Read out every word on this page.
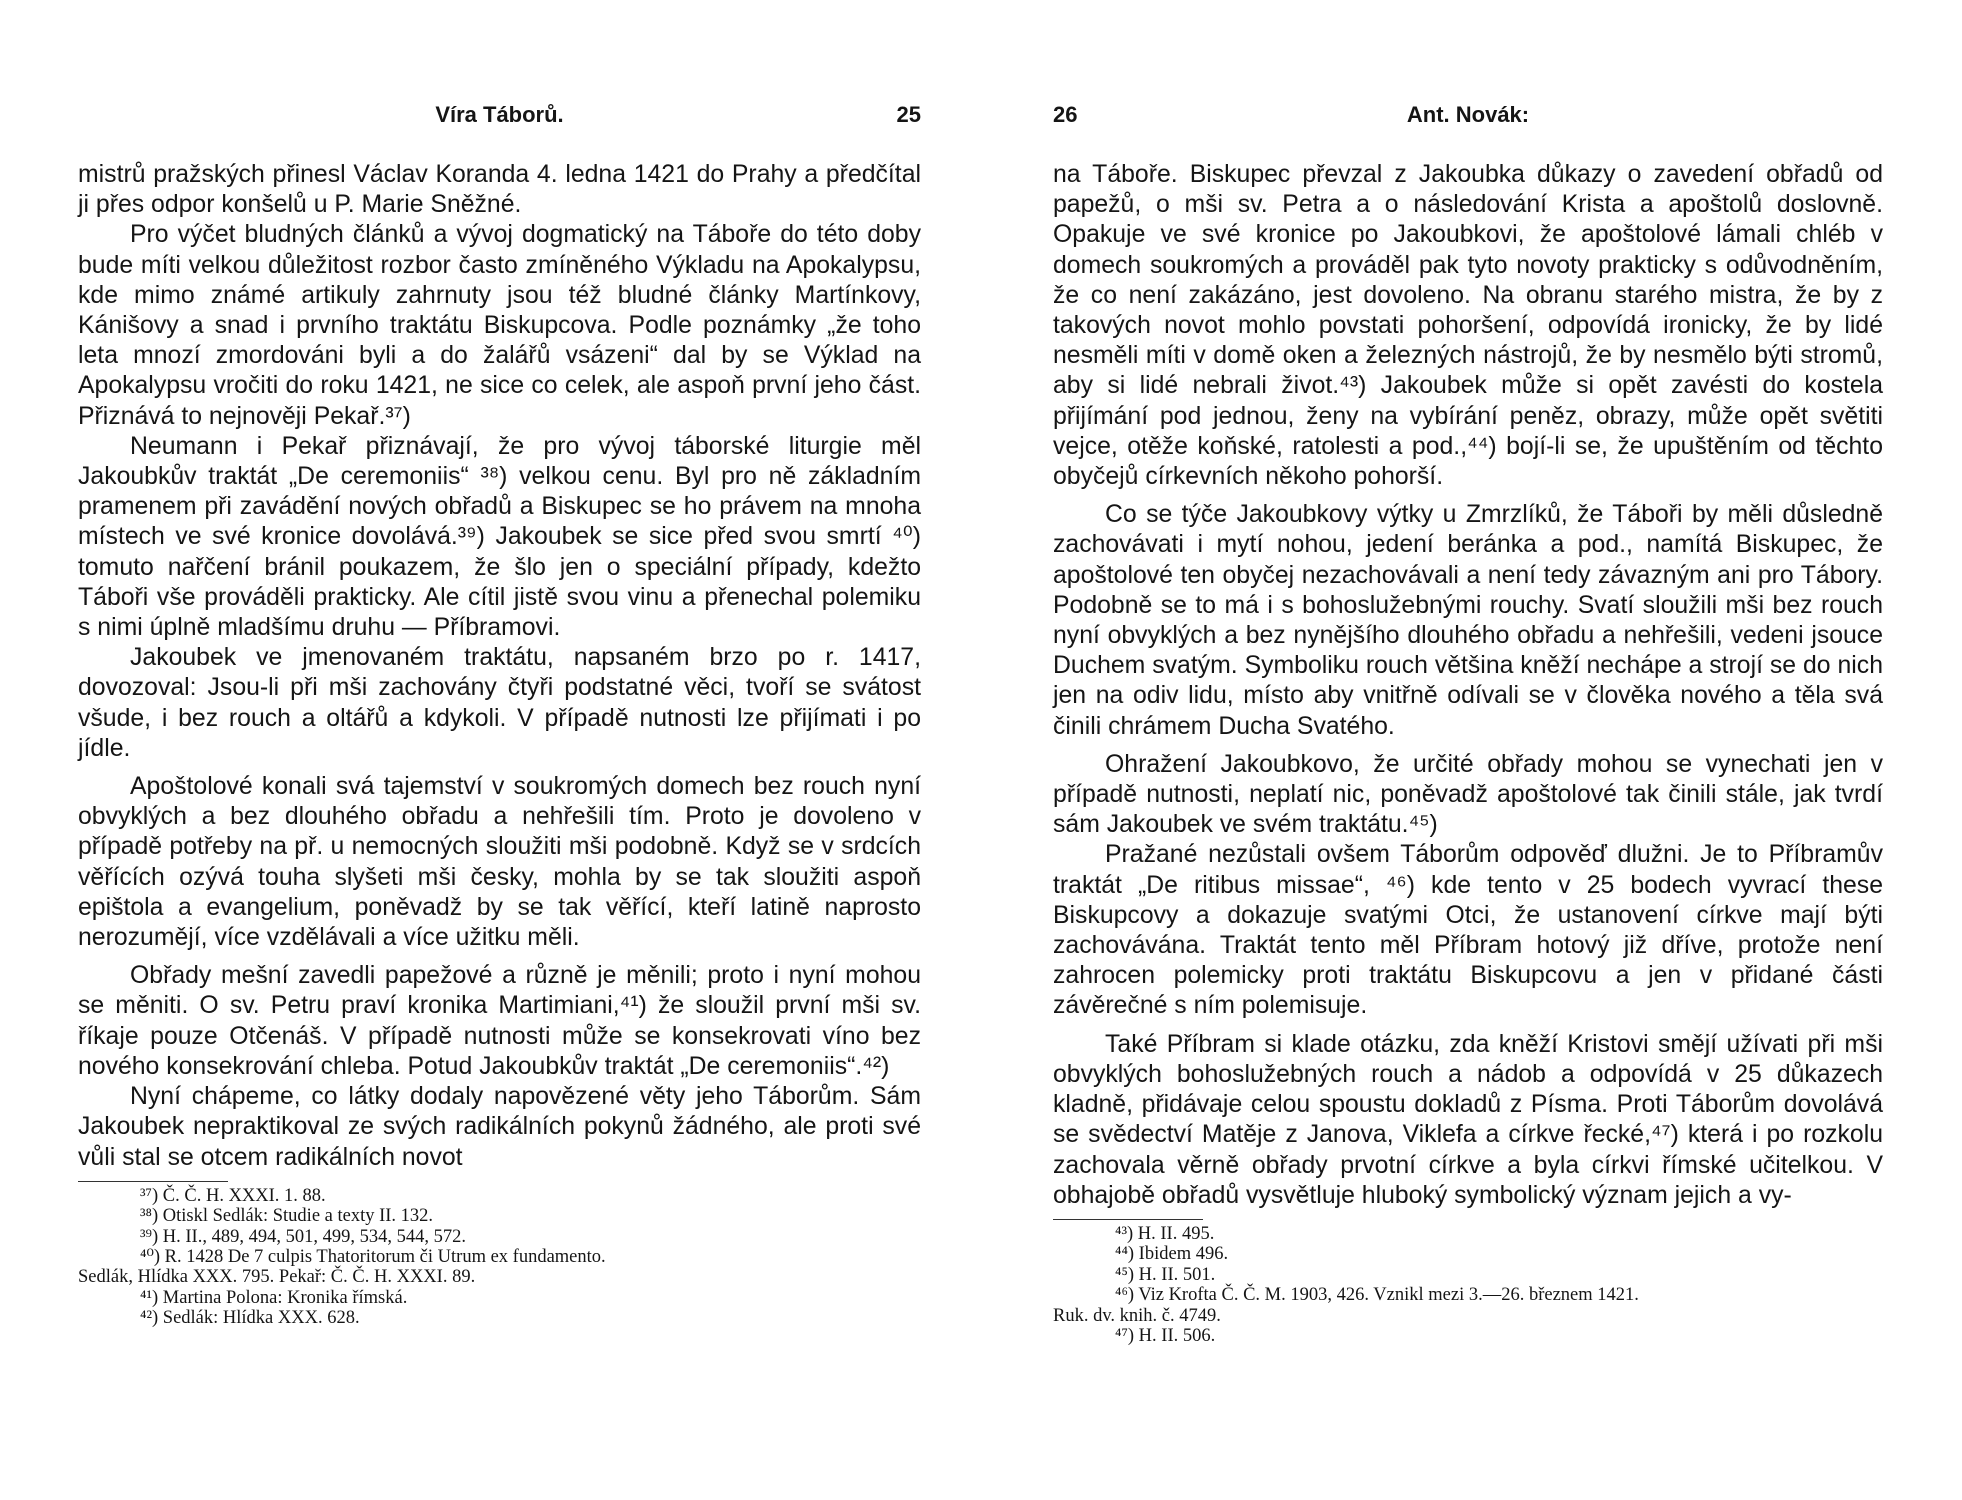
Víra Táborů.	25

mistrů pražských přinesl Václav Koranda 4. ledna 1421 do Prahy a předčítal ji přes odpor konšelů u P. Marie Sněžné.

Pro výčet bludných článků a vývoj dogmatický na Táboře do této doby bude míti velkou důležitost rozbor často zmíněného Výkladu na Apokalypsu, kde mimo známé artikuly zahrnuty jsou též bludné články Martínkovy, Kánišovy a snad i prvního traktátu Biskupcova. Podle poznámky „že toho leta mnozí zmordováni byli a do žalářů vsázeni“ dal by se Výklad na Apokalypsu vročiti do roku 1421, ne sice co celek, ale aspoň první jeho část. Přiznává to nejnověji Pekař.³⁷)

Neumann i Pekař přiznávají, že pro vývoj táborské liturgie měl Jakoubkův traktát „De ceremoniis“ ³⁸) velkou cenu. Byl pro ně základním pramenem při zavádění nových obřadů a Biskupec se ho právem na mnoha místech ve své kronice dovolává.³⁹) Jakoubek se sice před svou smrtí ⁴⁰) tomuto nařčení bránil poukazem, že šlo jen o speciální případy, kdežto Táboři vše prováděli prakticky. Ale cítil jistě svou vinu a přenechal polemiku s nimi úplně mladšímu druhu — Příbramovi.

Jakoubek ve jmenovaném traktátu, napsaném brzo po r. 1417, dovozoval: Jsou-li při mši zachovány čtyři podstatné věci, tvoří se svátost všude, i bez rouch a oltářů a kdykoli. V případě nutnosti lze přijímati i po jídle.

Apoštolové konali svá tajemství v soukromých domech bez rouch nyní obvyklých a bez dlouhého obřadu a nehřešili tím. Proto je dovoleno v případě potřeby na př. u nemocných sloužiti mši podobně. Když se v srdcích věřících ozývá touha slyšeti mši česky, mohla by se tak sloužiti aspoň epištola a evangelium, poněvadž by se tak věřící, kteří latině naprosto nerozumějí, více vzdělávali a více užitku měli.

Obřady mešní zavedli papežové a různě je měnili; proto i nyní mohou se měniti. O sv. Petru praví kronika Martimiani,⁴¹) že sloužil první mši sv. říkaje pouze Otčenáš. V případě nutnosti může se konsekrovati víno bez nového konsekrování chleba. Potud Jakoubkův traktát „De ceremoniis“.⁴²)

Nyní chápeme, co látky dodaly napovězené věty jeho Táborům. Sám Jakoubek nepraktikoval ze svých radikálních pokynů žádného, ale proti své vůli stal se otcem radikálních novot

³⁷) Č. Č. H. XXXI. 1. 88.

³⁸) Otiskl Sedlák: Studie a texty II. 132.

³⁹) H. II., 489, 494, 501, 499, 534, 544, 572.

⁴⁰) R. 1428 De 7 culpis Thatoritorum či Utrum ex fundamento.

Sedlák, Hlídka XXX. 795. Pekař: Č. Č. H. XXXI. 89.

⁴¹) Martina Polona: Kronika římská.

⁴²) Sedlák: Hlídka XXX. 628.

26	Ant. Novák:

na Táboře. Biskupec převzal z Jakoubka důkazy o zavedení obřadů od papežů, o mši sv. Petra a o následování Krista a apoštolů doslovně. Opakuje ve své kronice po Jakoubkovi, že apoštolové lámali chléb v domech soukromých a prováděl pak tyto novoty prakticky s odůvodněním, že co není zakázáno, jest dovoleno. Na obranu starého mistra, že by z takových novot mohlo povstati pohoršení, odpovídá ironicky, že by lidé nesměli míti v domě oken a železných nástrojů, že by nesmělo býti stromů, aby si lidé nebrali život.⁴³) Jakoubek může si opět zavésti do kostela přijímání pod jednou, ženy na vybírání peněz, obrazy, může opět světiti vejce, otěže koňské, ratolesti a pod.,⁴⁴) bojí-li se, že upuštěním od těchto obyčejů církevních někoho pohorší.

Co se týče Jakoubkovy výtky u Zmrzlíků, že Táboři by měli důsledně zachovávati i mytí nohou, jedení beránka a pod., namítá Biskupec, že apoštolové ten obyčej nezachovávali a není tedy závazným ani pro Tábory. Podobně se to má i s bohoslužebnými rouchy. Svatí sloužili mši bez rouch nyní obvyklých a bez nynějšího dlouhého obřadu a nehřešili, vedeni jsouce Duchem svatým. Symboliku rouch většina kněží nechápe a strojí se do nich jen na odiv lidu, místo aby vnitřně odívali se v člověka nového a těla svá činili chrámem Ducha Svatého.

Ohražení Jakoubkovo, že určité obřady mohou se vynechati jen v případě nutnosti, neplatí nic, poněvadž apoštolové tak činili stále, jak tvrdí sám Jakoubek ve svém traktátu.⁴⁵)

Pražané nezůstali ovšem Táborům odpověď dlužni. Je to Příbramův traktát „De ritibus missae“, ⁴⁶) kde tento v 25 bodech vyvrací these Biskupcovy a dokazuje svatými Otci, že ustanovení církve mají býti zachovávána. Traktát tento měl Příbram hotový již dříve, protože není zahrocen polemicky proti traktátu Biskupcovu a jen v přidané části závěrečné s ním polemisuje.

Také Příbram si klade otázku, zda kněží Kristovi smějí užívati při mši obvyklých bohoslužebných rouch a nádob a odpovídá v 25 důkazech kladně, přidávaje celou spoustu dokladů z Písma. Proti Táborům dovolává se svědectví Matěje z Janova, Viklefa a církve řecké,⁴⁷) která i po rozkolu zachovala věrně obřady prvotní církve a byla církvi římské učitelkou. V obhajobě obřadů vysvětluje hluboký symbolický význam jejich a vy-

⁴³) H. II. 495.

⁴⁴) Ibidem 496.

⁴⁵) H. II. 501.

⁴⁶) Viz Krofta Č. Č. M. 1903, 426. Vznikl mezi 3.—26. březnem 1421.

Ruk. dv. knih. č. 4749.

⁴⁷) H. II. 506.
